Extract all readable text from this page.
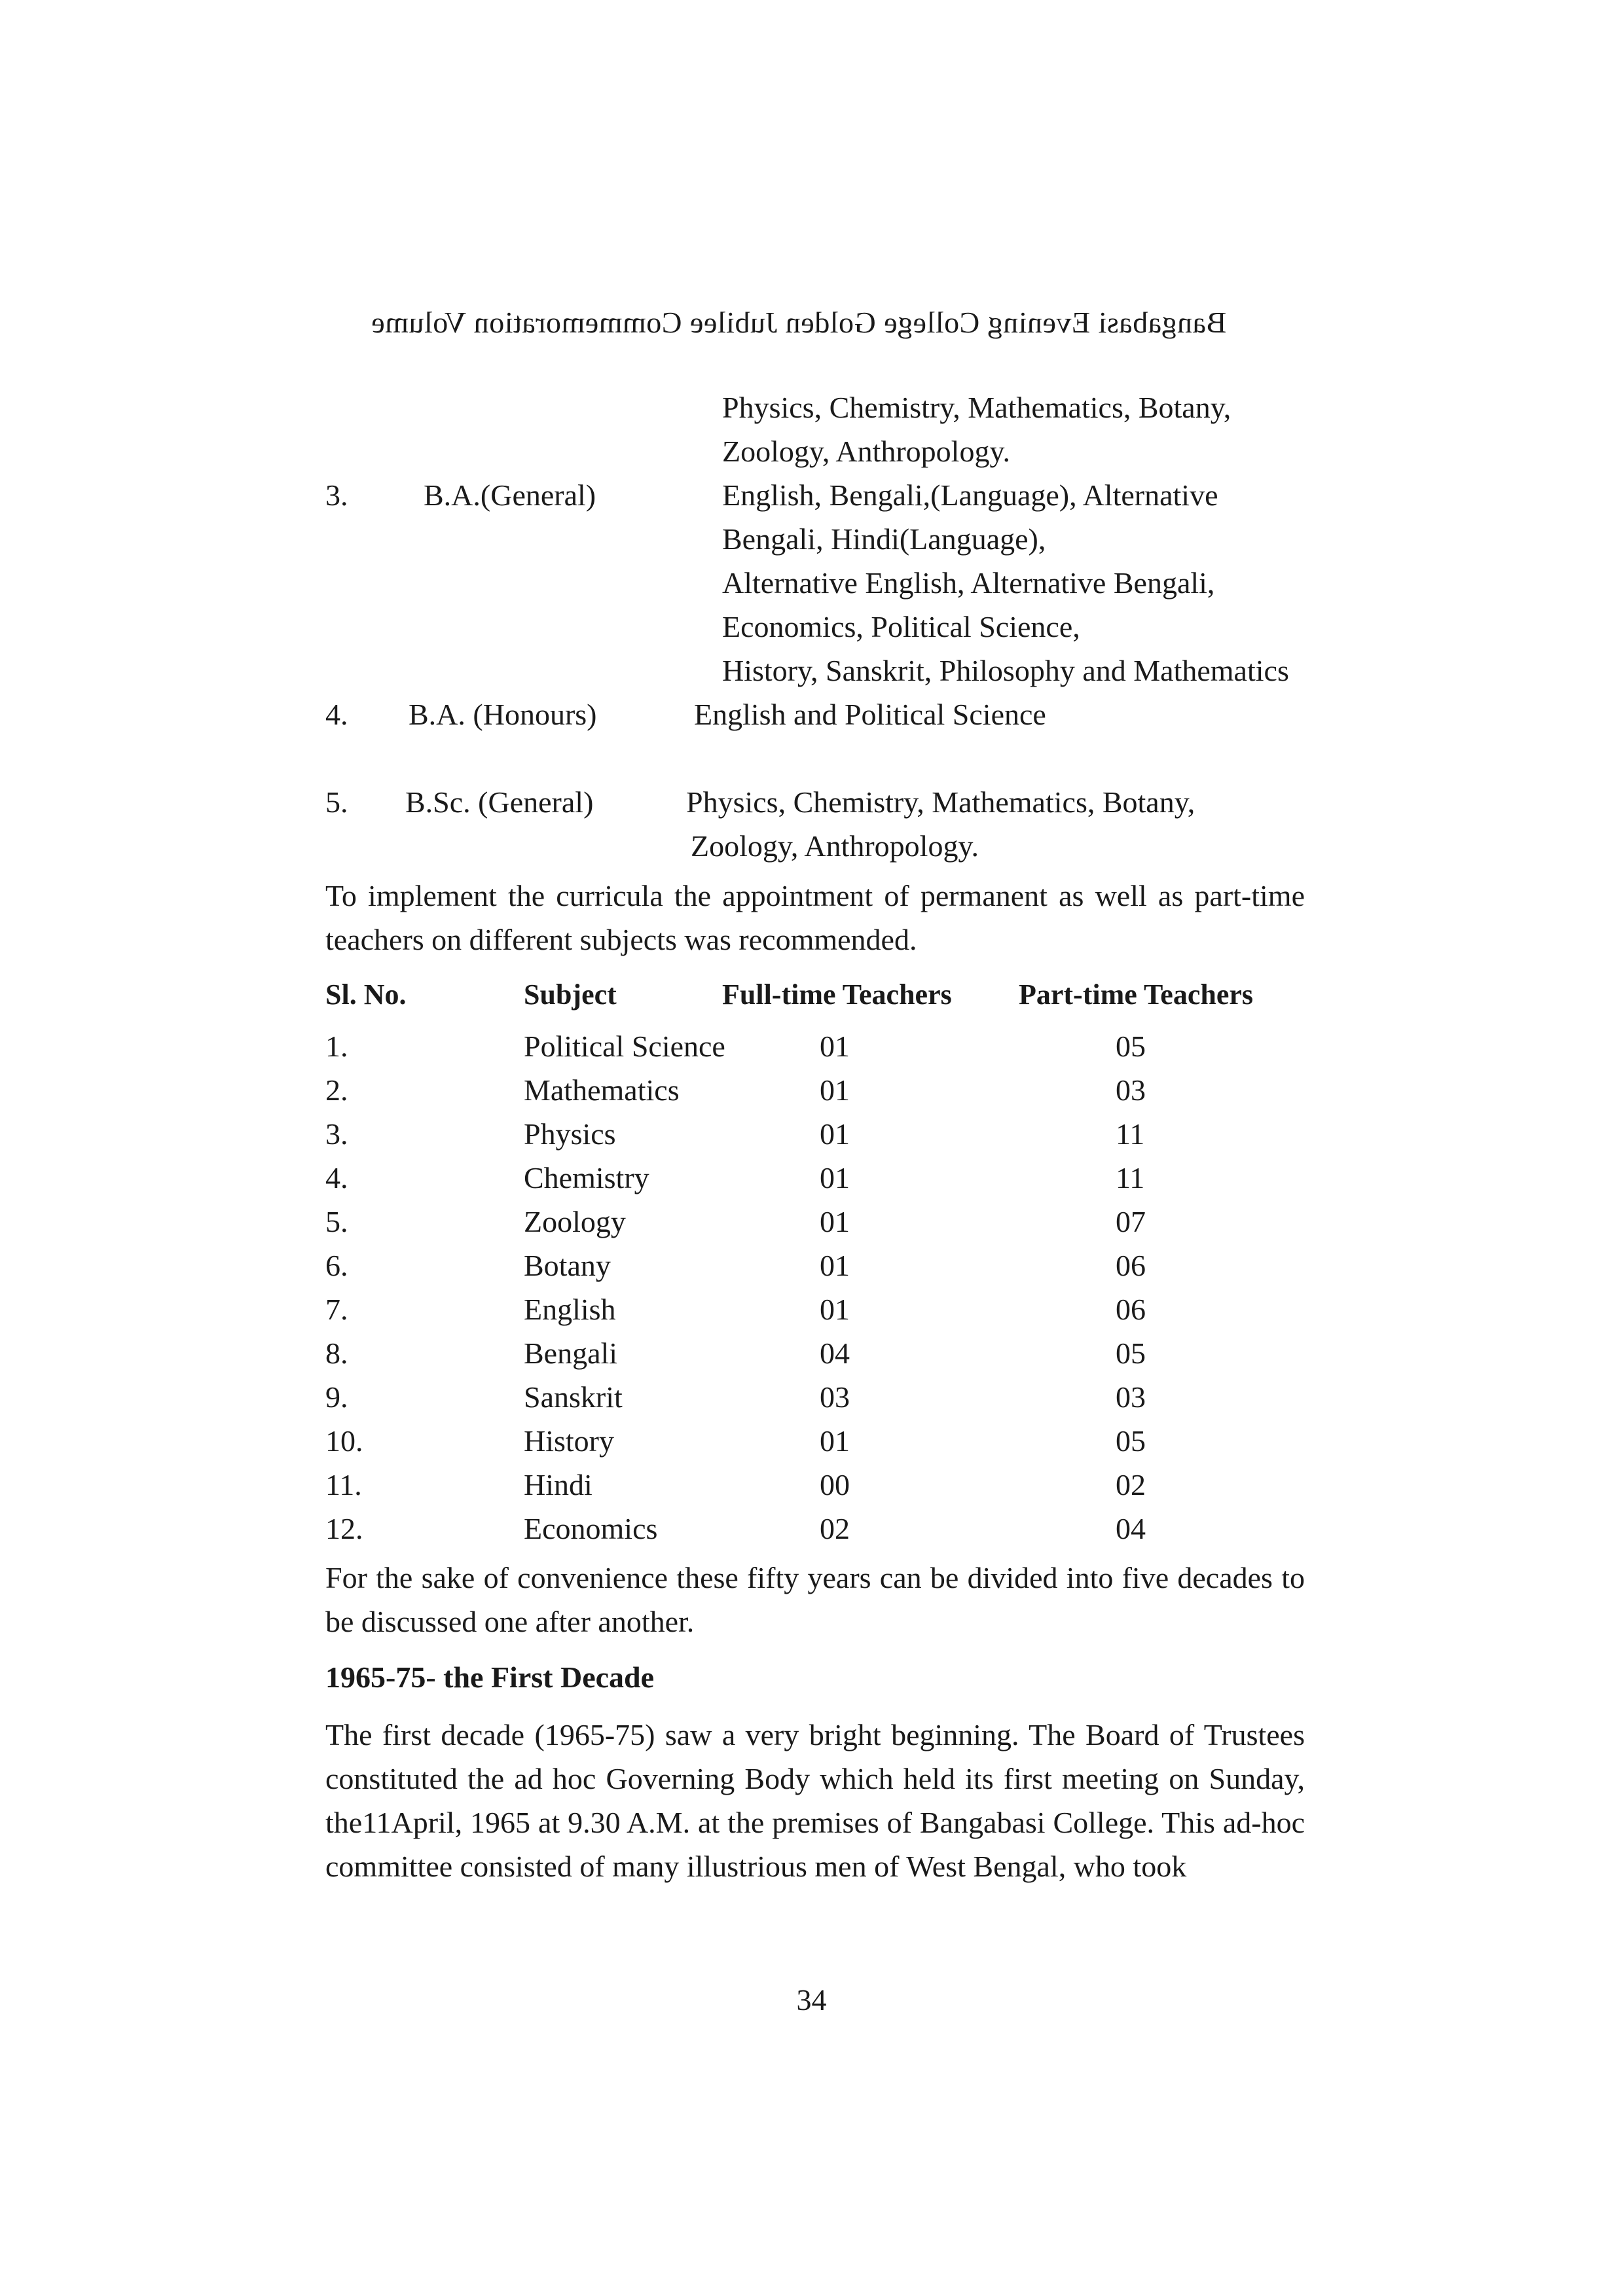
Bangabasi Evening College Golden Jubilee Commemoration Volume
Physics, Chemistry, Mathematics, Botany,
Zoology, Anthropology.
3.	B.A.(General)	English, Bengali,(Language), Alternative
Bengali, Hindi(Language),
Alternative English, Alternative Bengali,
Economics, Political Science,
History, Sanskrit, Philosophy and Mathematics
4. B.A. (Honours)	English and Political Science
5. B.Sc. (General)	Physics, Chemistry, Mathematics, Botany,
Zoology, Anthropology.

To implement the curricula the appointment of permanent as well as part-time teachers on different subjects was recommended.

Sl. No.	Subject	Full-time Teachers Part-time Teachers
1.	Political Science	01	05
2.	Mathematics	01	03
3.	Physics	01	11
4.	Chemistry	01	11
5.	Zoology	01	07
6.	Botany	01	06
7.	English	01	06
8.	Bengali	04	05
9.	Sanskrit	03	03
10.	History	01	05
11.	Hindi	00	02
12.	Economics	02	04

For the sake of convenience these fifty years can be divided into five decades to be discussed one after another.

1965-75- the First Decade

The first decade (1965-75) saw a very bright beginning. The Board of Trustees constituted the ad hoc Governing Body which held its first meeting on Sunday, the11April, 1965 at 9.30 A.M. at the premises of Bangabasi College. This ad-hoc committee consisted of many illustrious men of West Bengal, who took

34
